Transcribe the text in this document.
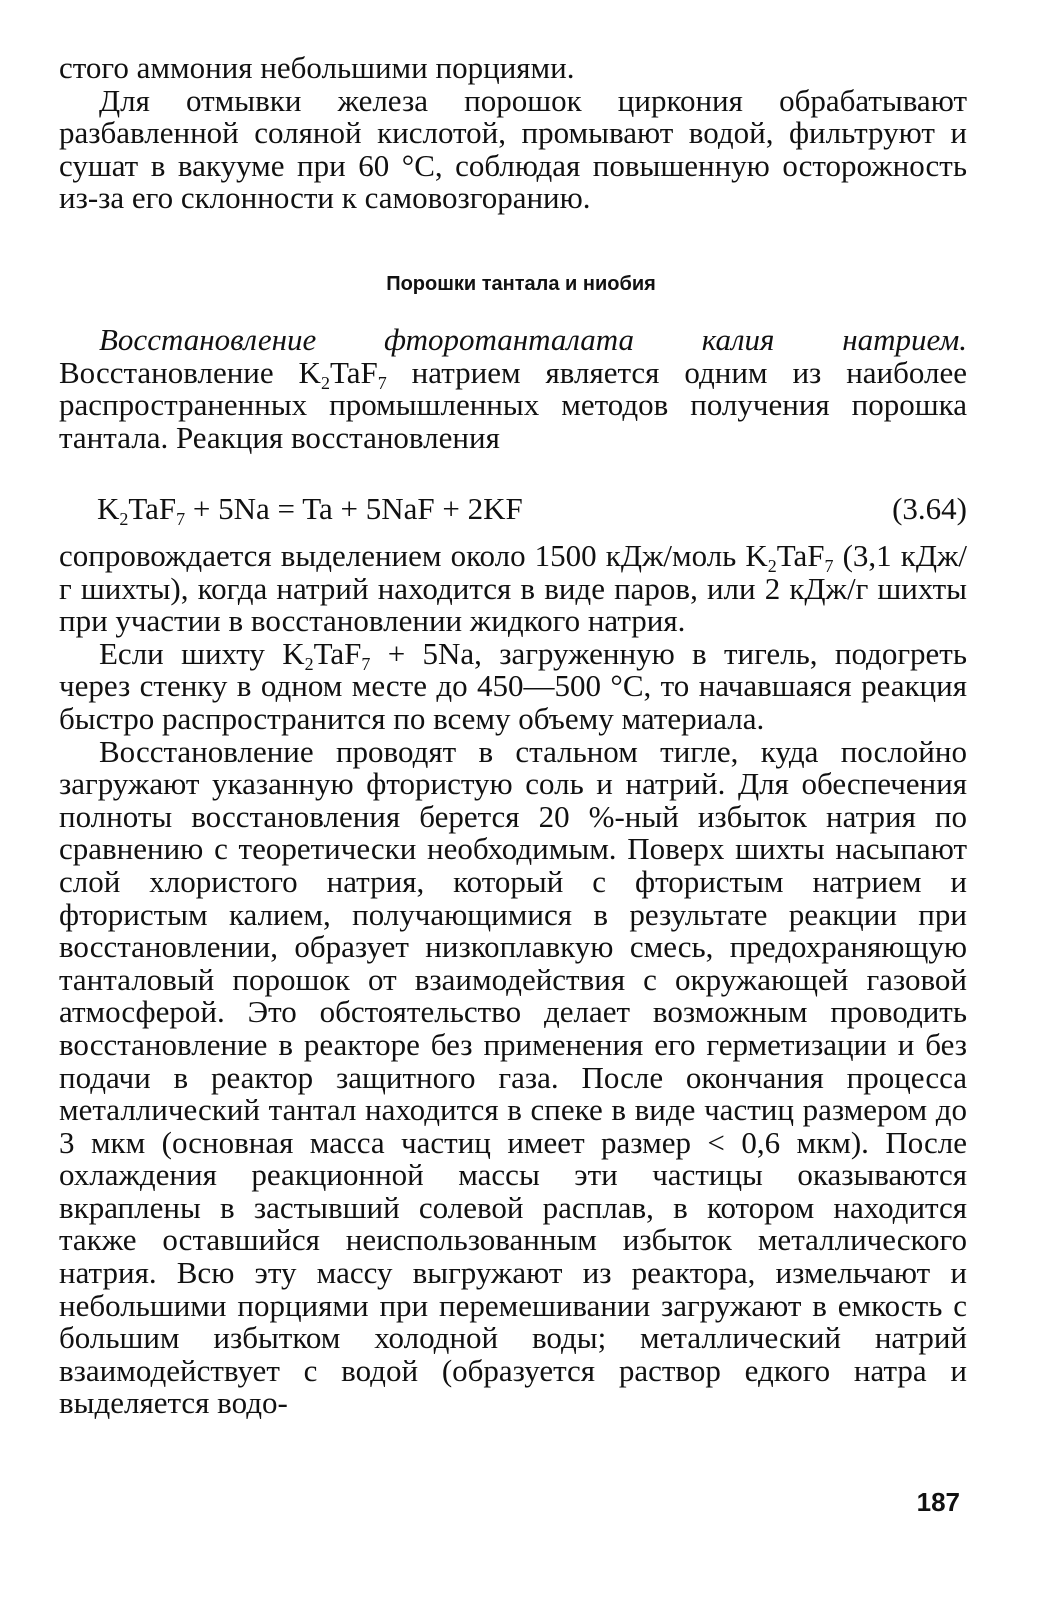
стого аммония небольшими порциями.

Для отмывки железа порошок циркония обрабатывают разбавленной соляной кислотой, промывают водой, фильтруют и сушат в вакууме при 60 °С, соблюдая повышенную осторожность из-за его склонности к самовозгоранию.

Порошки тантала и ниобия

Восстановление фторотанталата калия натрием. Восстановление $K_2TaF_7$ натрием является одним из наиболее распространенных промышленных методов получения порошка тантала. Реакция восстановления

$K_2TaF_7 + 5Na = Ta + 5NaF + 2KF$	(3.64)

сопровождается выделением около 1500 кДж/моль $K_2TaF_7$ (3,1 кДж/г шихты), когда натрий находится в виде паров, или 2 кДж/г шихты при участии в восстановлении жидкого натрия.

Если шихту $K_2TaF_7 + 5Na$, загруженную в тигель, подогреть через стенку в одном месте до 450—500 °С, то начавшаяся реакция быстро распространится по всему объему материала.

Восстановление проводят в стальном тигле, куда послойно загружают указанную фтористую соль и натрий. Для обеспечения полноты восстановления берется 20 %-ный избыток натрия по сравнению с теоретически необходимым. Поверх шихты насыпают слой хлористого натрия, который с фтористым натрием и фтористым калием, получающимися в результате реакции при восстановлении, образует низкоплавкую смесь, предохраняющую танталовый порошок от взаимодействия с окружающей газовой атмосферой. Это обстоятельство делает возможным проводить восстановление в реакторе без применения его герметизации и без подачи в реактор защитного газа. После окончания процесса металлический тантал находится в спеке в виде частиц размером до 3 мкм (основная масса частиц имеет размер < 0,6 мкм). После охлаждения реакционной массы эти частицы оказываются вкраплены в застывший солевой расплав, в котором находится также оставшийся неиспользованным избыток металлического натрия. Всю эту массу выгружают из реактора, измельчают и небольшими порциями при перемешивании загружают в емкость с большим избытком холодной воды; металлический натрий взаимодействует с водой (образуется раствор едкого натра и выделяется водо-

187
